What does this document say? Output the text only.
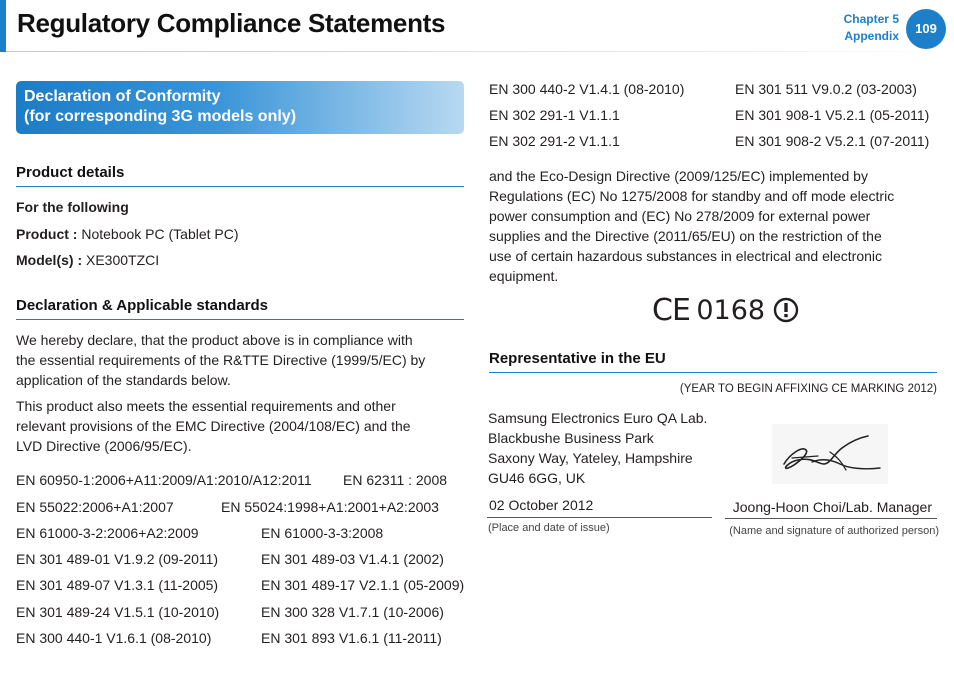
Regulatory Compliance Statements	Chapter 5
Appendix	109
Declaration of Conformity
(for corresponding 3G models only)
Product details
For the following
Product : Notebook PC (Tablet PC)
Model(s) : XE300TZCI
Declaration & Applicable standards
We hereby declare, that the product above is in compliance with
the essential requirements of the R&TTE Directive (1999/5/EC) by
application of the standards below.
This product also meets the essential requirements and other
relevant provisions of the EMC Directive (2004/108/EC) and the
LVD Directive (2006/95/EC).
EN 60950-1:2006+A11:2009/A1:2010/A12:2011 EN 62311 : 2008
EN 55022:2006+A1:2007	EN 55024:1998+A1:2001+A2:2003
EN 61000-3-2:2006+A2:2009	EN 61000-3-3:2008
EN 301 489-01 V1.9.2 (09-2011)	EN 301 489-03 V1.4.1 (2002)
EN 301 489-07 V1.3.1 (11-2005)	EN 301 489-17 V2.1.1 (05-2009)
EN 301 489-24 V1.5.1 (10-2010)	EN 300 328 V1.7.1 (10-2006)
EN 300 440-1 V1.6.1 (08-2010)	EN 301 893 V1.6.1 (11-2011)
EN 300 440-2 V1.4.1 (08-2010)	EN 301 511 V9.0.2 (03-2003)
EN 302 291-1 V1.1.1	EN 301 908-1 V5.2.1 (05-2011)
EN 302 291-2 V1.1.1	EN 301 908-2 V5.2.1 (07-2011)
and the Eco-Design Directive (2009/125/EC) implemented by
Regulations (EC) No 1275/2008 for standby and off mode electric
power consumption and (EC) No 278/2009 for external power
supplies and the Directive (2011/65/EU) on the restriction of the
use of certain hazardous substances in electrical and electronic
equipment.
CE 0168
Representative in the EU
(YEAR TO BEGIN AFFIXING CE MARKING 2012)
Samsung Electronics Euro QA Lab.
Blackbushe Business Park
Saxony Way, Yateley, Hampshire
GU46 6GG, UK
02 October 2012
(Place and date of issue)
Joong-Hoon Choi/Lab. Manager
(Name and signature of authorized person)
